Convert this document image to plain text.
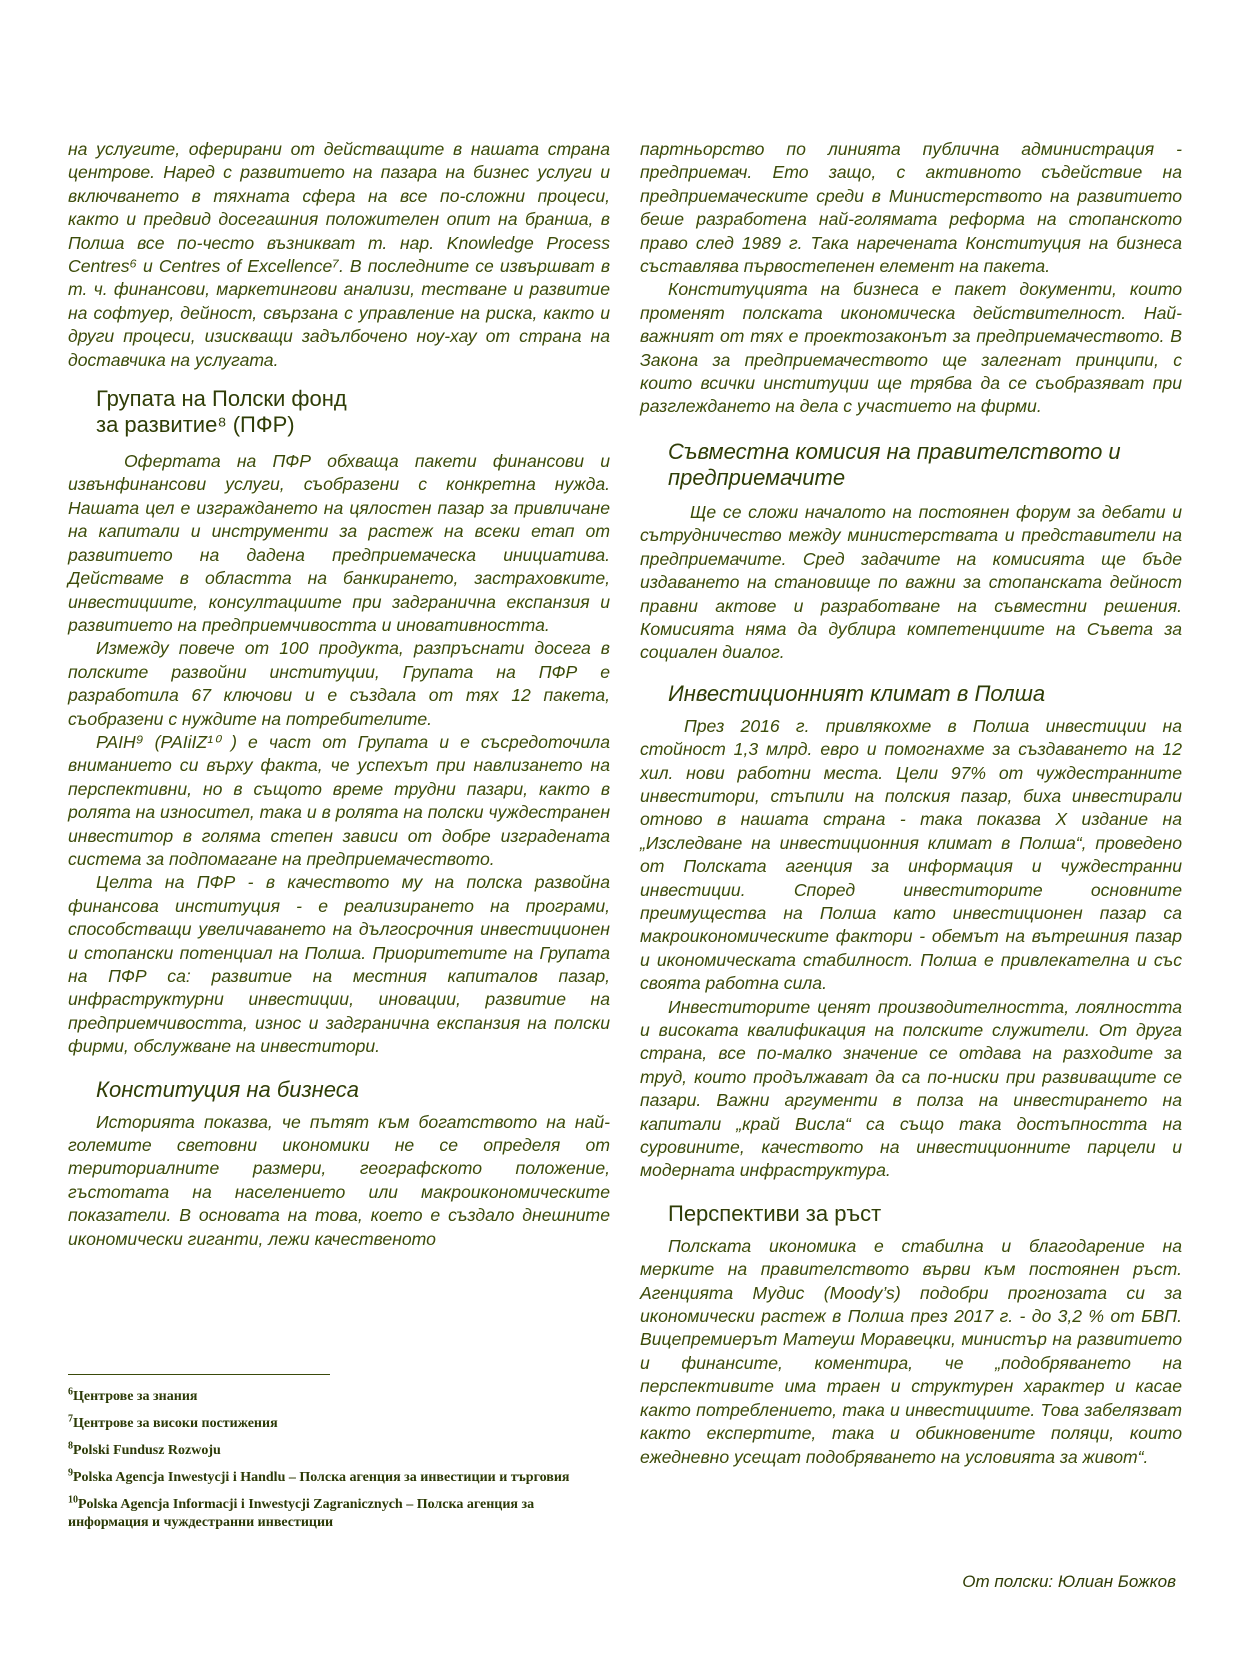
на услугите, оферирани от действащите в нашата страна центрове. Наред с развитието на пазара на бизнес услуги и включването в тяхната сфера на все по-сложни процеси, както и предвид досегашния положителен опит на бранша, в Полша все по-често възникват т. нар. Knowledge Process Centres⁶ и Centres of Excellence⁷. В последните се извършват в т. ч. финансови, маркетингови анализи, тестване и развитие на софтуер, дейност, свързана с управление на риска, както и други процеси, изискващи задълбочено ноу-хау от страна на доставчика на услугата.

Групата на Полски фонд
за развитие⁸ (ПФР)

Офертата на ПФР обхваща пакети финансови и извънфинансови услуги, съобразени с конкретна нужда. Нашата цел е изграждането на цялостен пазар за привличане на капитали и инструменти за растеж на всеки етап от развитието на дадена предприемаческа инициатива. Действаме в областта на банкирането, застраховките, инвестициите, консултациите при задгранична експанзия и развитието на предприемчивостта и иновативността.

Измежду повече от 100 продукта, разпръснати досега в полските развойни институции, Групата на ПФР е разработила 67 ключови и е създала от тях 12 пакета, съобразени с нуждите на потребителите.

PAIH⁹ (PAIiIZ¹⁰ ) е част от Групата и е съсредоточила вниманието си върху факта, че успехът при навлизането на перспективни, но в същото време трудни пазари, както в ролята на износител, така и в ролята на полски чуждестранен инвеститор в голяма степен зависи от добре изградената система за подпомагане на предприемачеството.

Целта на ПФР - в качеството му на полска развойна финансова институция - е реализирането на програми, способстващи увеличаването на дългосрочния инвестиционен и стопански потенциал на Полша. Приоритетите на Групата на ПФР са: развитие на местния капиталов пазар, инфраструктурни инвестиции, иновации, развитие на предприемчивостта, износ и задгранична експанзия на полски фирми, обслужване на инвеститори.

Конституция на бизнеса

Историята показва, че пътят към богатството на най-големите световни икономики не се определя от териториалните размери, географското положение, гъстотата на населението или макроикономическите показатели. В основата на това, което е създало днешните икономически гиганти, лежи качественото

$^6$Центрове за знания

$^7$Центрове за високи постижения

$^8$Polski Fundusz Rozwoju

$^9$Polska Agencja Inwestycji i Handlu – Полска агенция за инвестиции и търговия

$^{10}$Polska Agencja Informacji i Inwestycji Zagranicznych – Полска агенция за информация и чуждестранни инвестиции

партньорство по линията публична администрация - предприемач. Ето защо, с активното съдействие на предприемаческите среди в Министерството на развитието беше разработена най-голямата реформа на стопанското право след 1989 г. Така наречената Конституция на бизнеса съставлява първостепенен елемент на пакета.

Конституцията на бизнеса е пакет документи, които променят полската икономическа действителност. Най-важният от тях е проектозаконът за предприемачеството. В Закона за предприемачеството ще залегнат принципи, с които всички институции ще трябва да се съобразяват при разглеждането на дела с участието на фирми.

Съвместна комисия на правителството и предприемачите

Ще се сложи началото на постоянен форум за дебати и сътрудничество между министерствата и представители на предприемачите. Сред задачите на комисията ще бъде издаването на становище по важни за стопанската дейност правни актове и разработване на съвместни решения. Комисията няма да дублира компетенциите на Съвета за социален диалог.

Инвестиционният климат в Полша

През 2016 г. привлякохме в Полша инвестиции на стойност 1,3 млрд. евро и помогнахме за създаването на 12 хил. нови работни места. Цели 97% от чуждестранните инвеститори, стъпили на полския пазар, биха инвестирали отново в нашата страна - така показва X издание на „Изследване на инвестиционния климат в Полша“, проведено от Полската агенция за информация и чуждестранни инвестиции. Според инвеститорите основните преимущества на Полша като инвестиционен пазар са макроикономическите фактори - обемът на вътрешния пазар и икономическата стабилност. Полша е привлекателна и със своята работна сила.

Инвеститорите ценят производителността, лоялността и високата квалификация на полските служители. От друга страна, все по-малко значение се отдава на разходите за труд, които продължават да са по-ниски при развиващите се пазари. Важни аргументи в полза на инвестирането на капитали „край Висла“ са също така достъпността на суровините, качеството на инвестиционните парцели и модерната инфраструктура.

Перспективи за ръст

Полската икономика е стабилна и благодарение на мерките на правителството върви към постоянен ръст. Агенцията Мудис (Moody’s) подобри прогнозата си за икономически растеж в Полша през 2017 г. - до 3,2 % от БВП. Вицепремиерът Матеуш Моравецки, министър на развитието и финансите, коментира, че „подобряването на перспективите има траен и структурен характер и касае както потреблението, така и инвестициите. Това забелязват както експертите, така и обикновените поляци, които ежедневно усещат подобряването на условията за живот“.

От полски: Юлиан Божков
